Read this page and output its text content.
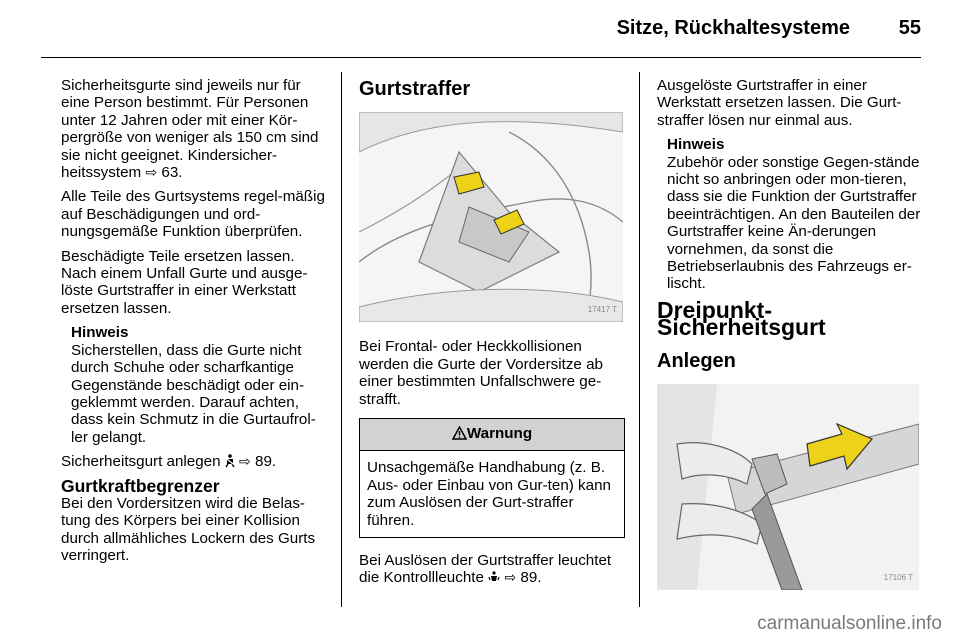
Sitze, Rückhaltesysteme 55

Sicherheitsgurte sind jeweils nur für eine Person bestimmt. Für Personen unter 12 Jahren oder mit einer Kör-pergröße von weniger als 150 cm sind sie nicht geeignet. Kindersicher-heitssystem ⇨ 63.

Alle Teile des Gurtsystems regel-mäßig auf Beschädigungen und ord-nungsgemäße Funktion überprüfen.

Beschädigte Teile ersetzen lassen. Nach einem Unfall Gurte und ausge-löste Gurtstraffer in einer Werkstatt ersetzen lassen.

Hinweis
Sicherstellen, dass die Gurte nicht durch Schuhe oder scharfkantige Gegenstände beschädigt oder ein-geklemmt werden. Darauf achten, dass kein Schmutz in die Gurtaufrol-ler gelangt.

Sicherheitsgurt anlegen ⇨ 89.

Gurtkraftbegrenzer

Bei den Vordersitzen wird die Belas-tung des Körpers bei einer Kollision durch allmähliches Lockern des Gurts verringert.

Gurtstraffer
17417 T

Bei Frontal- oder Heckkollisionen werden die Gurte der Vordersitze ab einer bestimmten Unfallschwere ge-strafft.

Warnung
Unsachgemäße Handhabung (z. B. Aus- oder Einbau von Gur-ten) kann zum Auslösen der Gurt-straffer führen.

Bei Auslösen der Gurtstraffer leuchtet die Kontrollleuchte ⇨ 89.

Ausgelöste Gurtstraffer in einer Werkstatt ersetzen lassen. Die Gurt-straffer lösen nur einmal aus.

Hinweis
Zubehör oder sonstige Gegen-stände nicht so anbringen oder mon-tieren, dass sie die Funktion der Gurtstraffer beeinträchtigen. An den Bauteilen der Gurtstraffer keine Än-derungen vornehmen, da sonst die Betriebserlaubnis des Fahrzeugs er-lischt.
Dreipunkt-Sicherheitsgurt
Anlegen
17106 T
carmanualsonline.info
